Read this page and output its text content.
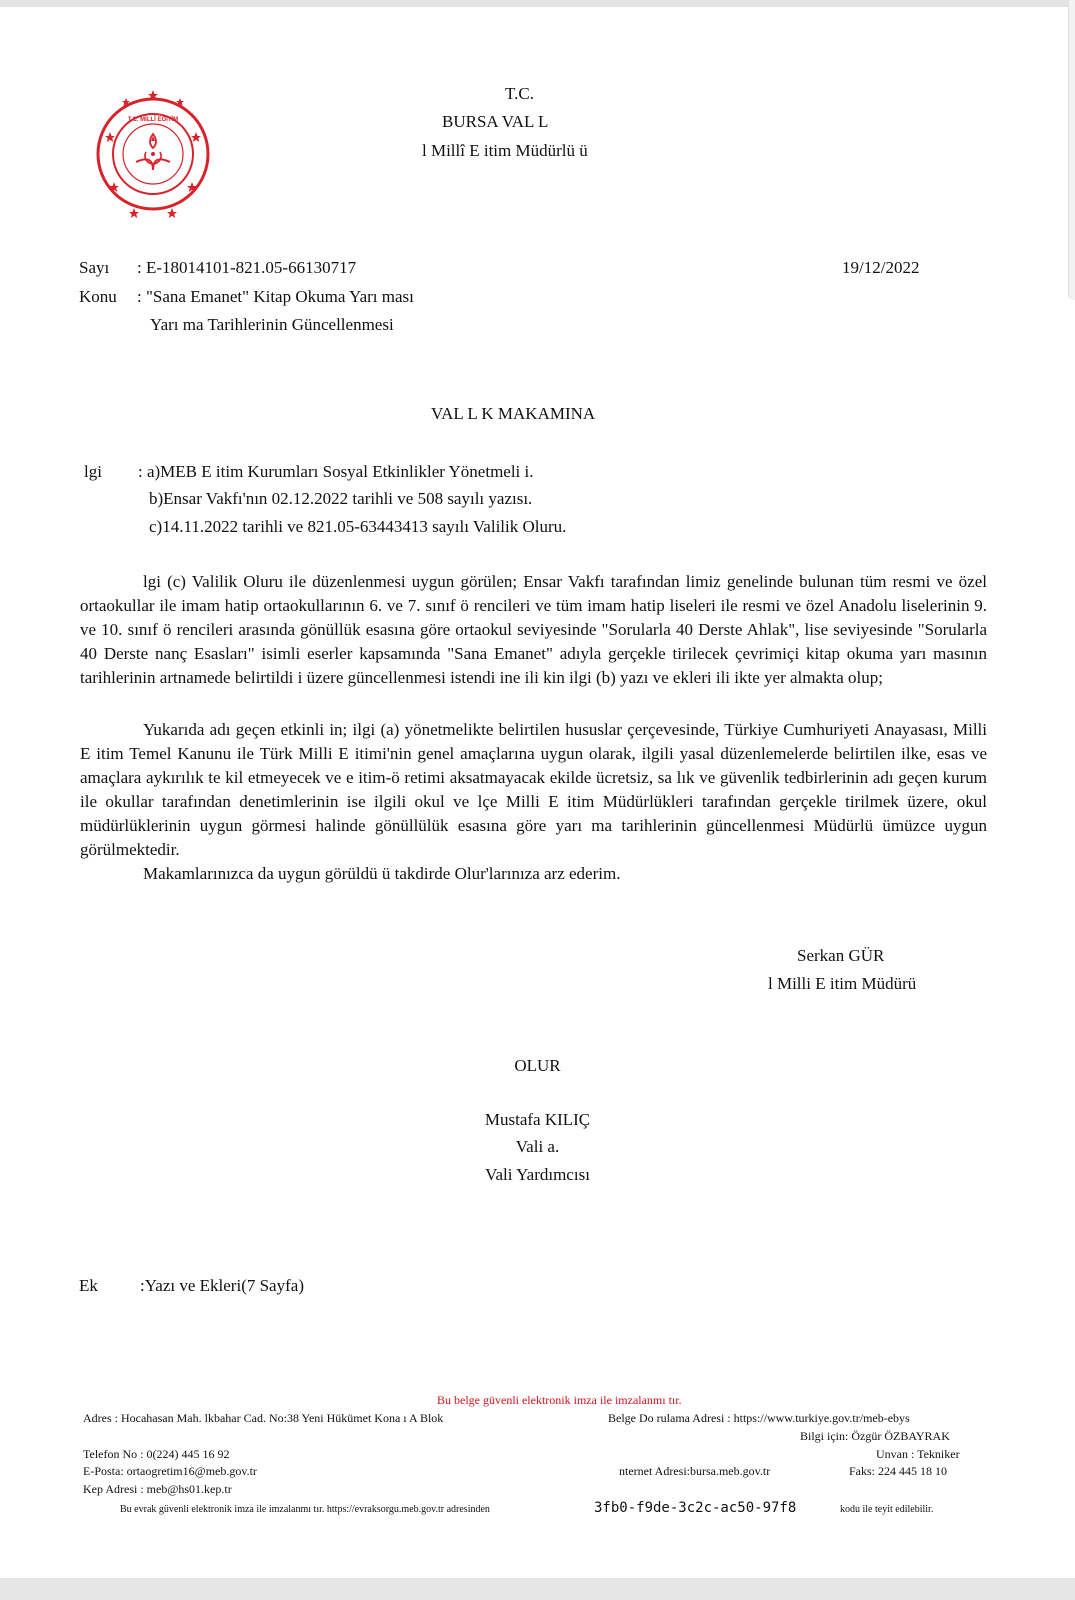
T.C. MİLLÎ EĞİTİM
T.C.
BURSA VAL L
l Millî E itim Müdürlü ü
Sayı : E-18014101-821.05-66130717	19/12/2022
Konu : "Sana Emanet" Kitap Okuma Yarı ması
Yarı ma Tarihlerinin Güncellenmesi
VAL L K MAKAMINA
lgi : a)MEB E itim Kurumları Sosyal Etkinlikler Yönetmeli i.
b)Ensar Vakfı'nın 02.12.2022 tarihli ve 508 sayılı yazısı.
c)14.11.2022 tarihli ve 821.05-63443413 sayılı Valilik Oluru.

lgi (c) Valilik Oluru ile düzenlenmesi uygun görülen; Ensar Vakfı tarafından limiz genelinde bulunan tüm resmi ve özel ortaokullar ile imam hatip ortaokullarının 6. ve 7. sınıf ö rencileri ve tüm imam hatip liseleri ile resmi ve özel Anadolu liselerinin 9. ve 10. sınıf ö rencileri arasında gönüllük esasına göre ortaokul seviyesinde "Sorularla 40 Derste Ahlak", lise seviyesinde "Sorularla 40 Derste nanç Esasları" isimli eserler kapsamında "Sana Emanet" adıyla gerçekle tirilecek çevrimiçi kitap okuma yarı masının tarihlerinin artnamede belirtildi i üzere güncellenmesi istendi ine ili kin ilgi (b) yazı ve ekleri ili ikte yer almakta olup;

Yukarıda adı geçen etkinli in; ilgi (a) yönetmelikte belirtilen hususlar çerçevesinde, Türkiye Cumhuriyeti Anayasası, Milli E itim Temel Kanunu ile Türk Milli E itimi'nin genel amaçlarına uygun olarak, ilgili yasal düzenlemelerde belirtilen ilke, esas ve amaçlara aykırılık te kil etmeyecek ve e itim-ö retimi aksatmayacak ekilde ücretsiz, sa lık ve güvenlik tedbirlerinin adı geçen kurum ile okullar tarafından denetimlerinin ise ilgili okul ve lçe Milli E itim Müdürlükleri tarafından gerçekle tirilmek üzere, okul müdürlüklerinin uygun görmesi halinde gönüllülük esasına göre yarı ma tarihlerinin güncellenmesi Müdürlü ümüzce uygun görülmektedir.

Makamlarınızca da uygun görüldü ü takdirde Olur'larınıza arz ederim.

Serkan GÜR
l Milli E itim Müdürü
OLUR
Mustafa KILIÇ
Vali a.
Vali Yardımcısı
Ek :Yazı ve Ekleri(7 Sayfa)
Bu belge güvenli elektronik imza ile imzalanmı tır.
Adres : Hocahasan Mah. lkbahar Cad. No:38 Yeni Hükümet Kona ı A Blok	Belge Do rulama Adresi : https://www.turkiye.gov.tr/meb-ebys
Bilgi için: Özgür ÖZBAYRAK
Unvan : Tekniker
Telefon No : 0(224) 445 16 92
E-Posta: ortaogretim16@meb.gov.tr	nternet Adresi:bursa.meb.gov.tr	Faks: 224 445 18 10
Kep Adresi : meb@hs01.kep.tr
Bu evrak güvenli elektronik imza ile imzalanmı tır. https://evraksorgu.meb.gov.tr adresinden	3fb0-f9de-3c2c-ac50-97f8	kodu ile teyit edilebilir.
